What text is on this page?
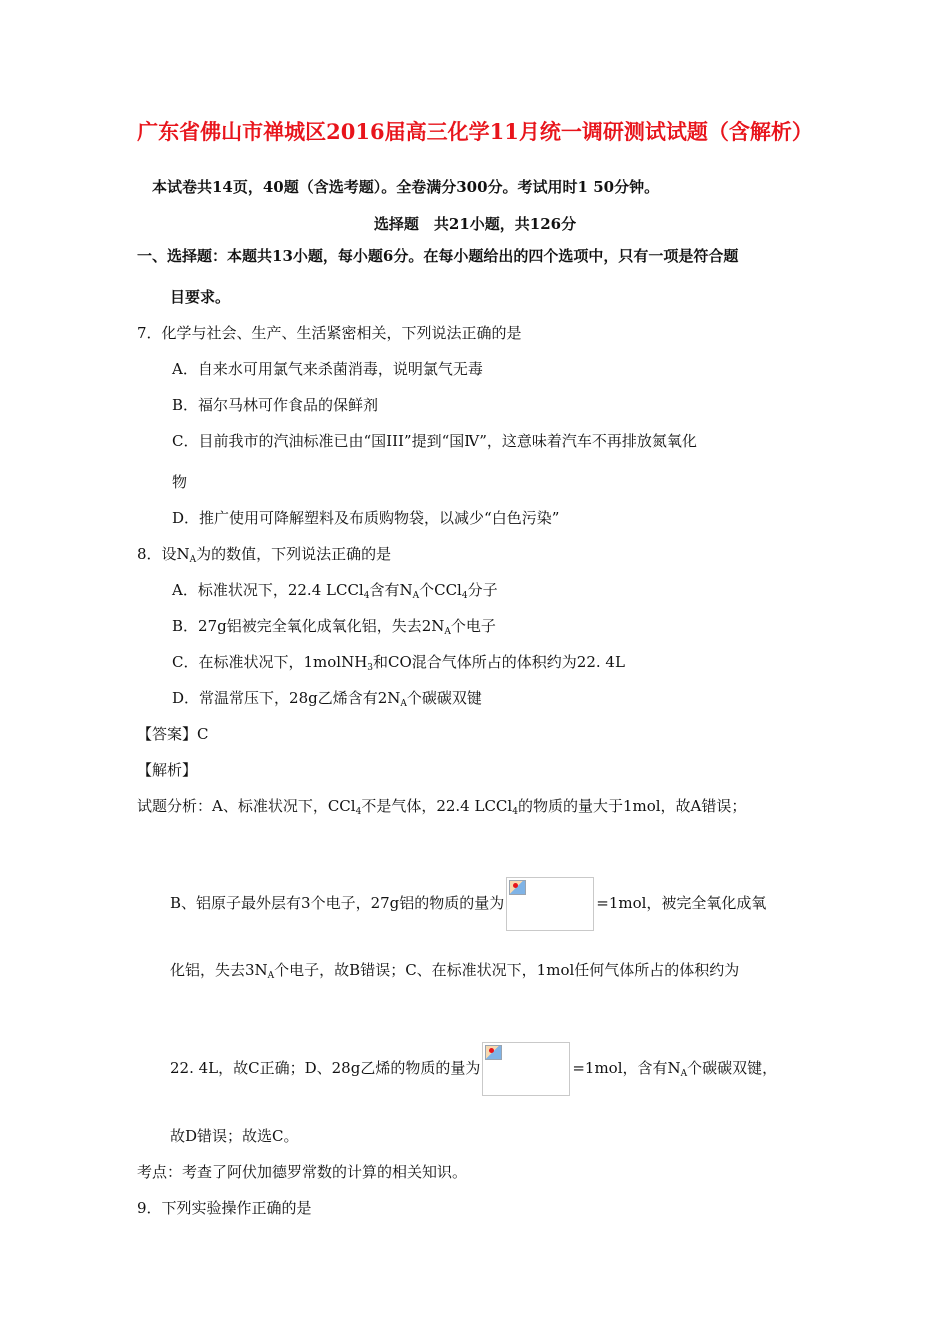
广东省佛山市禅城区2016届高三化学11月统一调研测试试题（含解析）
本试卷共14页，40题（含选考题）。全卷满分300分。考试用时1 50分钟。
选择题　共21小题，共126分
一、选择题：本题共13小题，每小题6分。在每小题给出的四个选项中，只有一项是符合题
目要求。
7．化学与社会、生产、生活紧密相关，下列说法正确的是
A．自来水可用氯气来杀菌消毒，说明氯气无毒
B．福尔马林可作食品的保鲜剂
C．目前我市的汽油标准已由“国III”提到“国Ⅳ”，这意味着汽车不再排放氮氧化
物
D．推广使用可降解塑料及布质购物袋，以减少“白色污染”
8．设$N_A$为的数值，下列说法正确的是
A．标准状况下，22.4 LCCl$_4$含有$N_A$个CCl$_4$分子
B．27g铝被完全氧化成氧化铝，失去$2N_A$个电子
C．在标准状况下，1molNH$_3$和CO混合气体所占的体积约为22. 4L
D．常温常压下，28g乙烯含有$2N_A$个碳碳双键
【答案】C
【解析】
试题分析：A、标准状况下，CCl$_4$不是气体，22.4 LCCl$_4$的物质的量大于1mol，故A错误；
B、铝原子最外层有3个电子，27g铝的物质的量为	=1mol，被完全氧化成氧
化铝，失去$3N_A$个电子，故B错误；C、在标准状况下，1mol任何气体所占的体积约为
22. 4L，故C正确；D、28g乙烯的物质的量为	=1mol，含有$N_A$个碳碳双键，
故D错误；故选C。
考点：考查了阿伏加德罗常数的计算的相关知识。
9．下列实验操作正确的是
